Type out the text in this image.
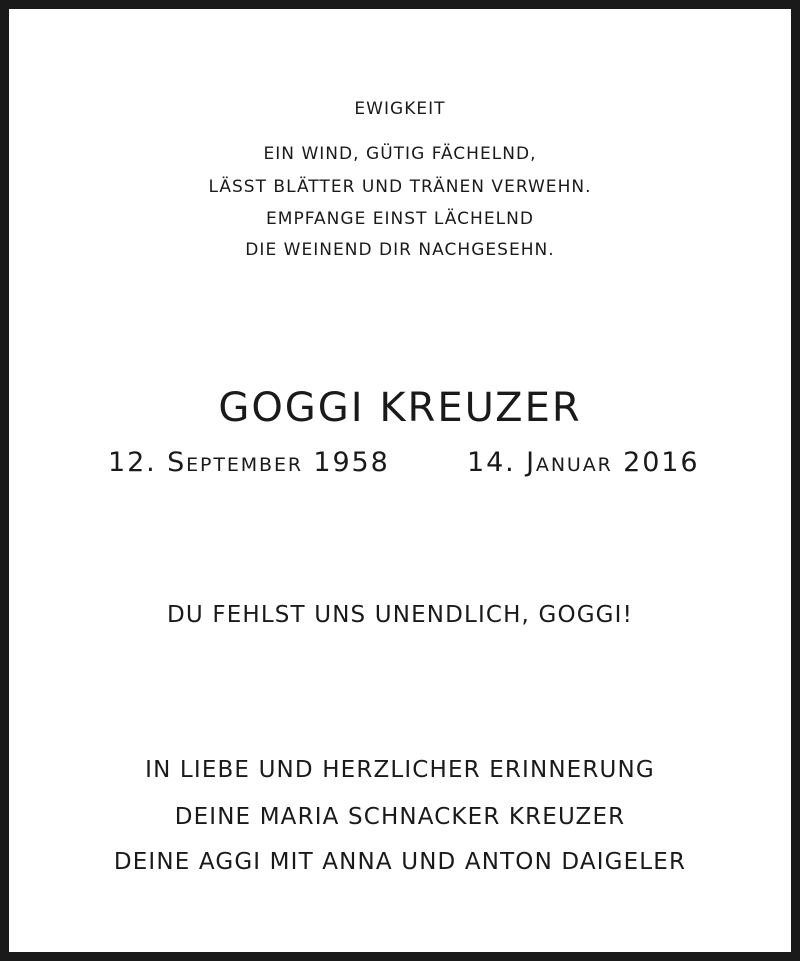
EWIGKEIT
EIN WIND, GÜTIG FÄCHELND,
LÄSST BLÄTTER UND TRÄNEN VERWEHN.
EMPFANGE EINST LÄCHELND
DIE WEINEND DIR NACHGESEHN.
GOGGI KREUZER
12. September 1958	14. Januar 2016
DU FEHLST UNS UNENDLICH, GOGGI!
IN LIEBE UND HERZLICHER ERINNERUNG
DEINE MARIA SCHNACKER KREUZER
DEINE AGGI MIT ANNA UND ANTON DAIGELER
